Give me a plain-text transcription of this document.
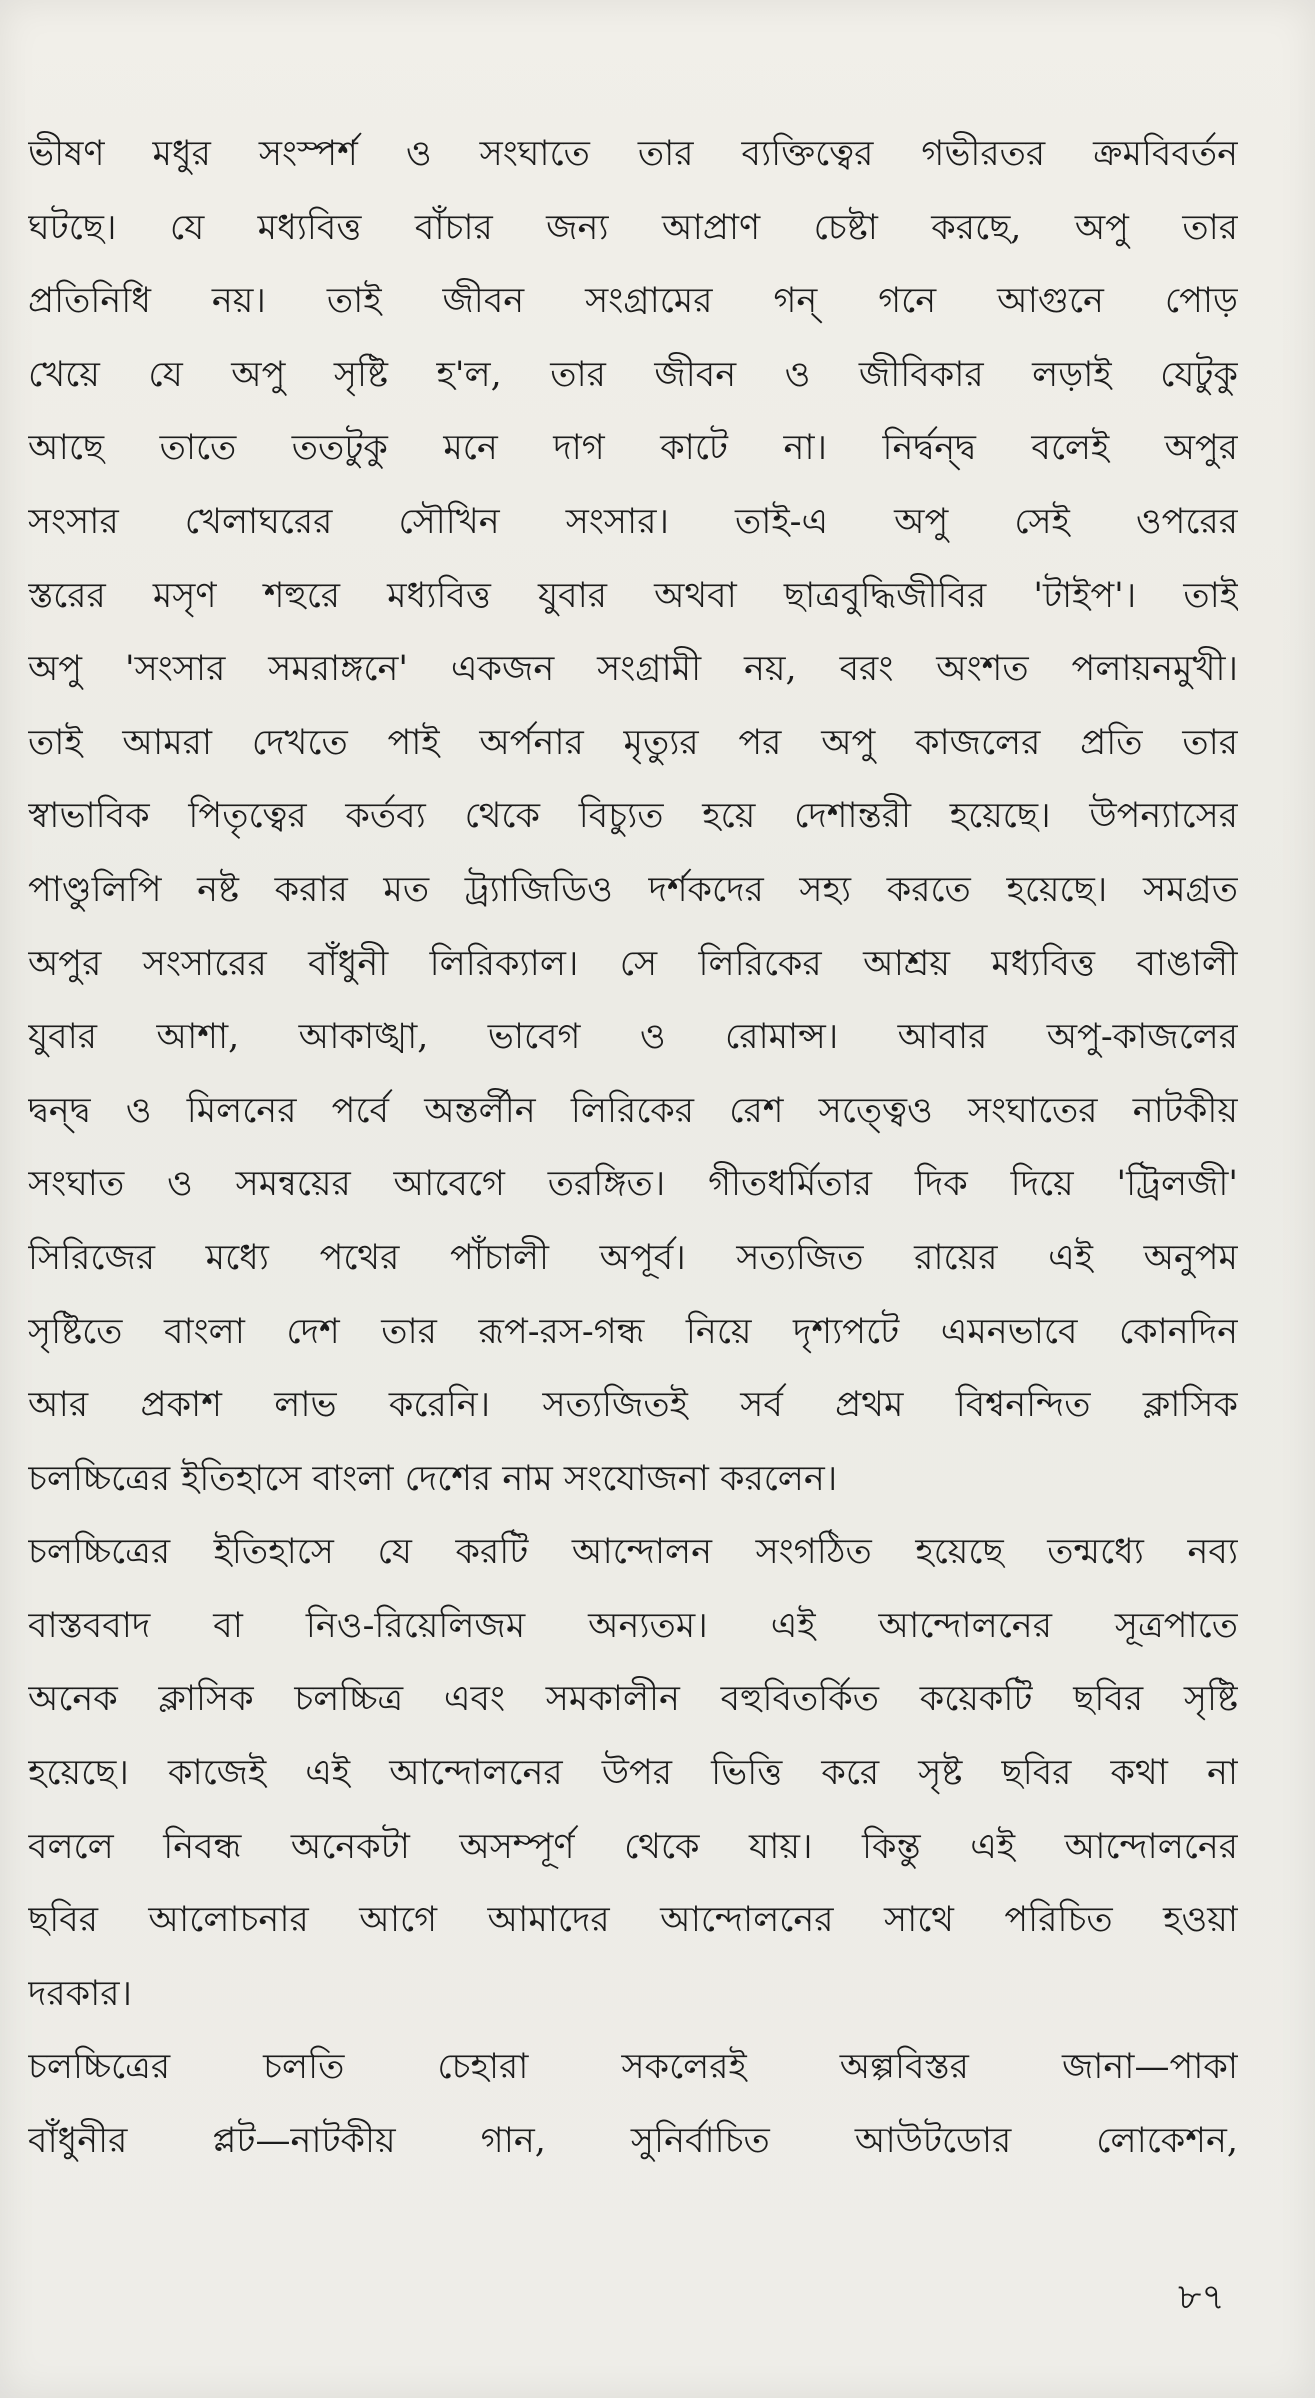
ভীষণ মধুর সংস্পর্শ ও সংঘাতে তার ব্যক্তিত্বের গভীরতর ক্রমবিবর্তন
ঘটছে। যে মধ্যবিত্ত বাঁচার জন্য আপ্রাণ চেষ্টা করছে, অপু তার
প্রতিনিধি নয়। তাই জীবন সংগ্রামের গন্ গনে আগুনে পোড়
খেয়ে যে অপু সৃষ্টি হ'ল, তার জীবন ও জীবিকার লড়াই যেটুকু
আছে তাতে ততটুকু মনে দাগ কাটে না। নির্দ্বন্দ্ব বলেই অপুর
সংসার খেলাঘরের সৌখিন সংসার। তাই-এ অপু সেই ওপরের
স্তরের মসৃণ শহুরে মধ্যবিত্ত যুবার অথবা ছাত্রবুদ্ধিজীবির 'টাইপ'। তাই
অপু 'সংসার সমরাঙ্গনে' একজন সংগ্রামী নয়, বরং অংশত পলায়নমুখী।
তাই আমরা দেখতে পাই অর্পনার মৃত্যুর পর অপু কাজলের প্রতি তার
স্বাভাবিক পিতৃত্বের কর্তব্য থেকে বিচ্যুত হয়ে দেশান্তরী হয়েছে। উপন্যাসের
পাণ্ডুলিপি নষ্ট করার মত ট্র্যাজিডিও দর্শকদের সহ্য করতে হয়েছে। সমগ্রত
অপুর সংসারের বাঁধুনী লিরিক্যাল। সে লিরিকের আশ্রয় মধ্যবিত্ত বাঙালী
যুবার আশা, আকাঙ্খা, ভাবেগ ও রোমান্স। আবার অপু-কাজলের
দ্বন্দ্ব ও মিলনের পর্বে অন্তর্লীন লিরিকের রেশ সত্ত্বেও সংঘাতের নাটকীয়
সংঘাত ও সমন্বয়ের আবেগে তরঙ্গিত। গীতধর্মিতার দিক দিয়ে 'ট্রিলজী'
সিরিজের মধ্যে পথের পাঁচালী অপূর্ব। সত্যজিত রায়ের এই অনুপম
সৃষ্টিতে বাংলা দেশ তার রূপ-রস-গন্ধ নিয়ে দৃশ্যপটে এমনভাবে কোনদিন
আর প্রকাশ লাভ করেনি। সত্যজিতই সর্ব প্রথম বিশ্বনন্দিত ক্লাসিক
চলচ্চিত্রের ইতিহাসে বাংলা দেশের নাম সংযোজনা করলেন।
চলচ্চিত্রের ইতিহাসে যে করটি আন্দোলন সংগঠিত হয়েছে তন্মধ্যে নব্য
বাস্তববাদ বা নিও-রিয়েলিজম অন্যতম। এই আন্দোলনের সূত্রপাতে
অনেক ক্লাসিক চলচ্চিত্র এবং সমকালীন বহুবিতর্কিত কয়েকটি ছবির সৃষ্টি
হয়েছে। কাজেই এই আন্দোলনের উপর ভিত্তি করে সৃষ্ট ছবির কথা না
বললে নিবন্ধ অনেকটা অসম্পূর্ণ থেকে যায়। কিন্তু এই আন্দোলনের
ছবির আলোচনার আগে আমাদের আন্দোলনের সাথে পরিচিত হওয়া
দরকার।
চলচ্চিত্রের চলতি চেহারা সকলেরই অল্পবিস্তর জানা—পাকা
বাঁধুনীর প্লট—নাটকীয় গান, সুনির্বাচিত আউটডোর লোকেশন,
৮৭
